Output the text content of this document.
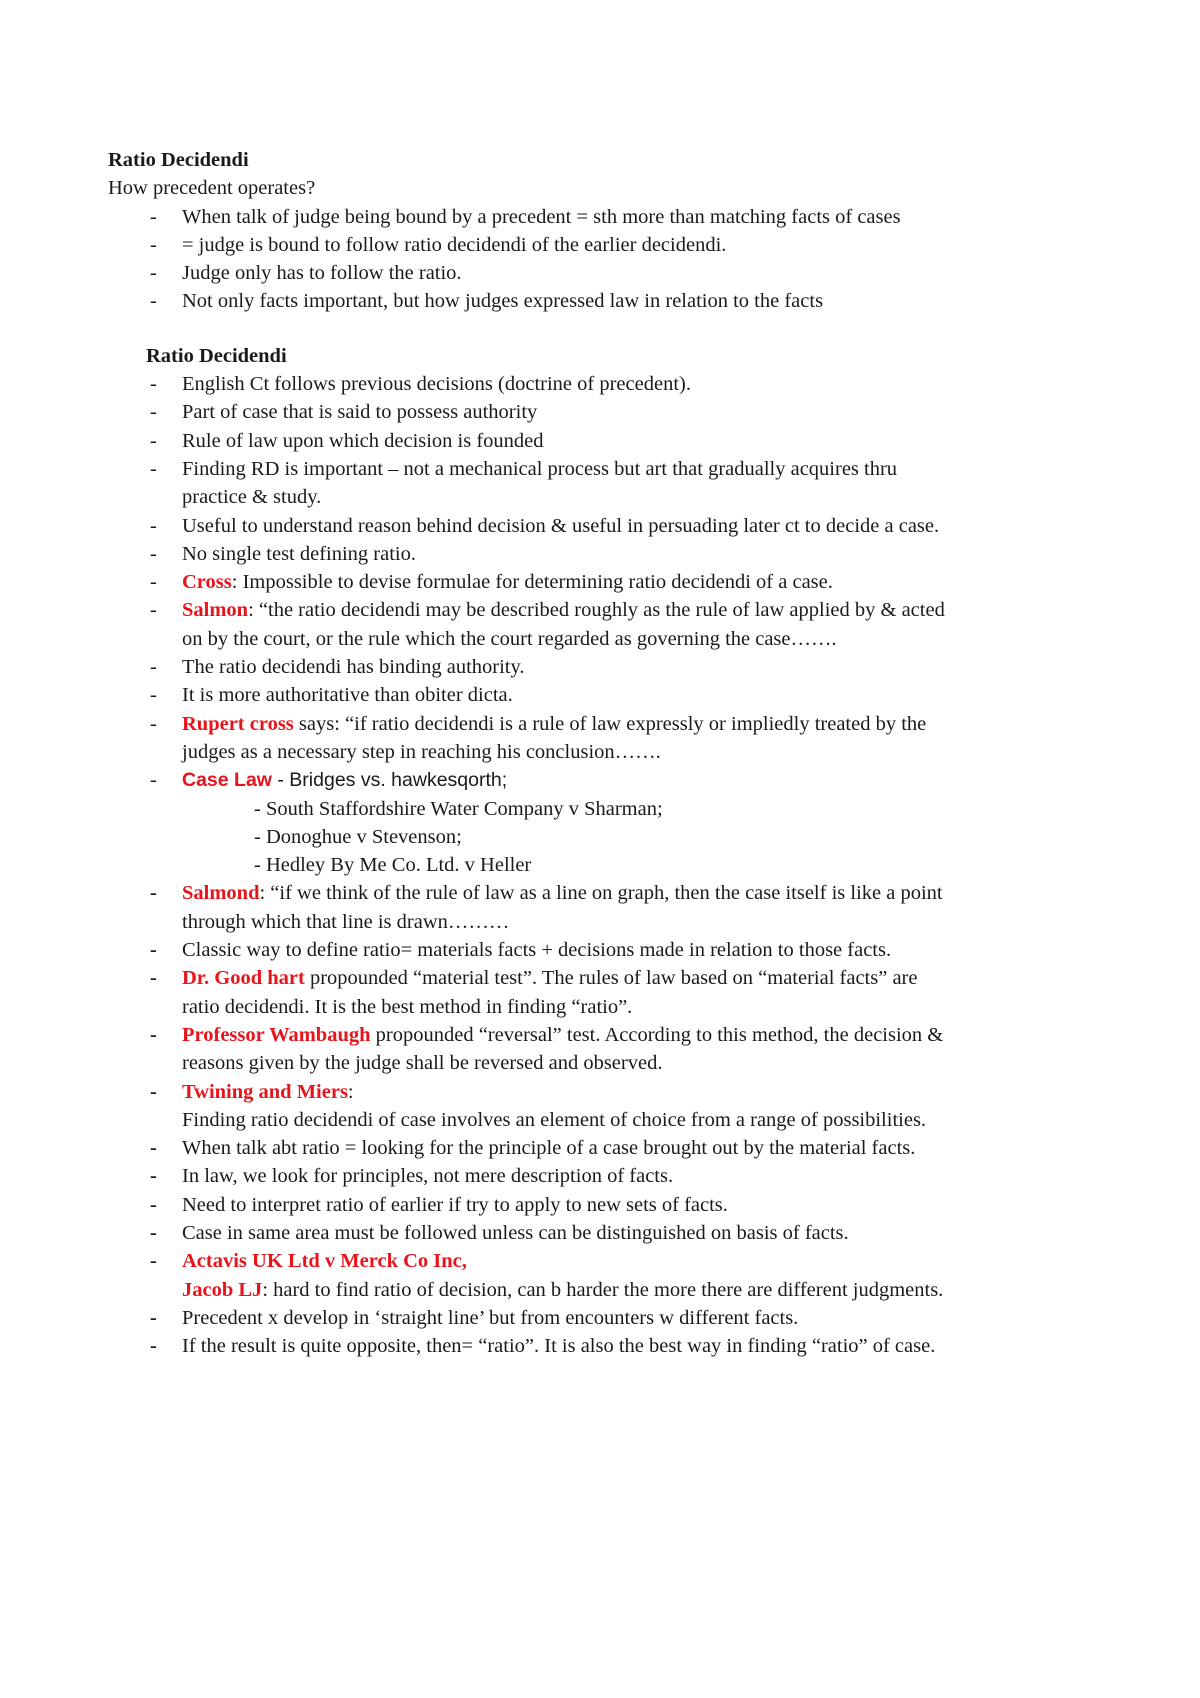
Ratio Decidendi
How precedent operates?
- When talk of judge being bound by a precedent = sth more than matching facts of cases
- = judge is bound to follow ratio decidendi of the earlier decidendi.
- Judge only has to follow the ratio.
- Not only facts important, but how judges expressed law in relation to the facts
Ratio Decidendi
- English Ct follows previous decisions (doctrine of precedent).
- Part of case that is said to possess authority
- Rule of law upon which decision is founded
- Finding RD is important – not a mechanical process but art that gradually acquires thru
practice & study.
- Useful to understand reason behind decision & useful in persuading later ct to decide a case.
- No single test defining ratio.
- Cross: Impossible to devise formulae for determining ratio decidendi of a case.
- Salmon: “the ratio decidendi may be described roughly as the rule of law applied by & acted
on by the court, or the rule which the court regarded as governing the case…….
- The ratio decidendi has binding authority.
- It is more authoritative than obiter dicta.
- Rupert cross says: “if ratio decidendi is a rule of law expressly or impliedly treated by the
judges as a necessary step in reaching his conclusion…….
- Case Law - Bridges vs. hawkesqorth;
- South Staffordshire Water Company v Sharman;
- Donoghue v Stevenson;
- Hedley By Me Co. Ltd. v Heller
- Salmond: “if we think of the rule of law as a line on graph, then the case itself is like a point
through which that line is drawn………
- Classic way to define ratio= materials facts + decisions made in relation to those facts.
- Dr. Good hart propounded “material test”. The rules of law based on “material facts” are
ratio decidendi. It is the best method in finding “ratio”.
- Professor Wambaugh propounded “reversal” test. According to this method, the decision &
reasons given by the judge shall be reversed and observed.
- Twining and Miers:
Finding ratio decidendi of case involves an element of choice from a range of possibilities.
- When talk abt ratio = looking for the principle of a case brought out by the material facts.
- In law, we look for principles, not mere description of facts.
- Need to interpret ratio of earlier if try to apply to new sets of facts.
- Case in same area must be followed unless can be distinguished on basis of facts.
- Actavis UK Ltd v Merck Co Inc,
Jacob LJ: hard to find ratio of decision, can b harder the more there are different judgments.
- Precedent x develop in ‘straight line’ but from encounters w different facts.
- If the result is quite opposite, then= “ratio”. It is also the best way in finding “ratio” of case.
